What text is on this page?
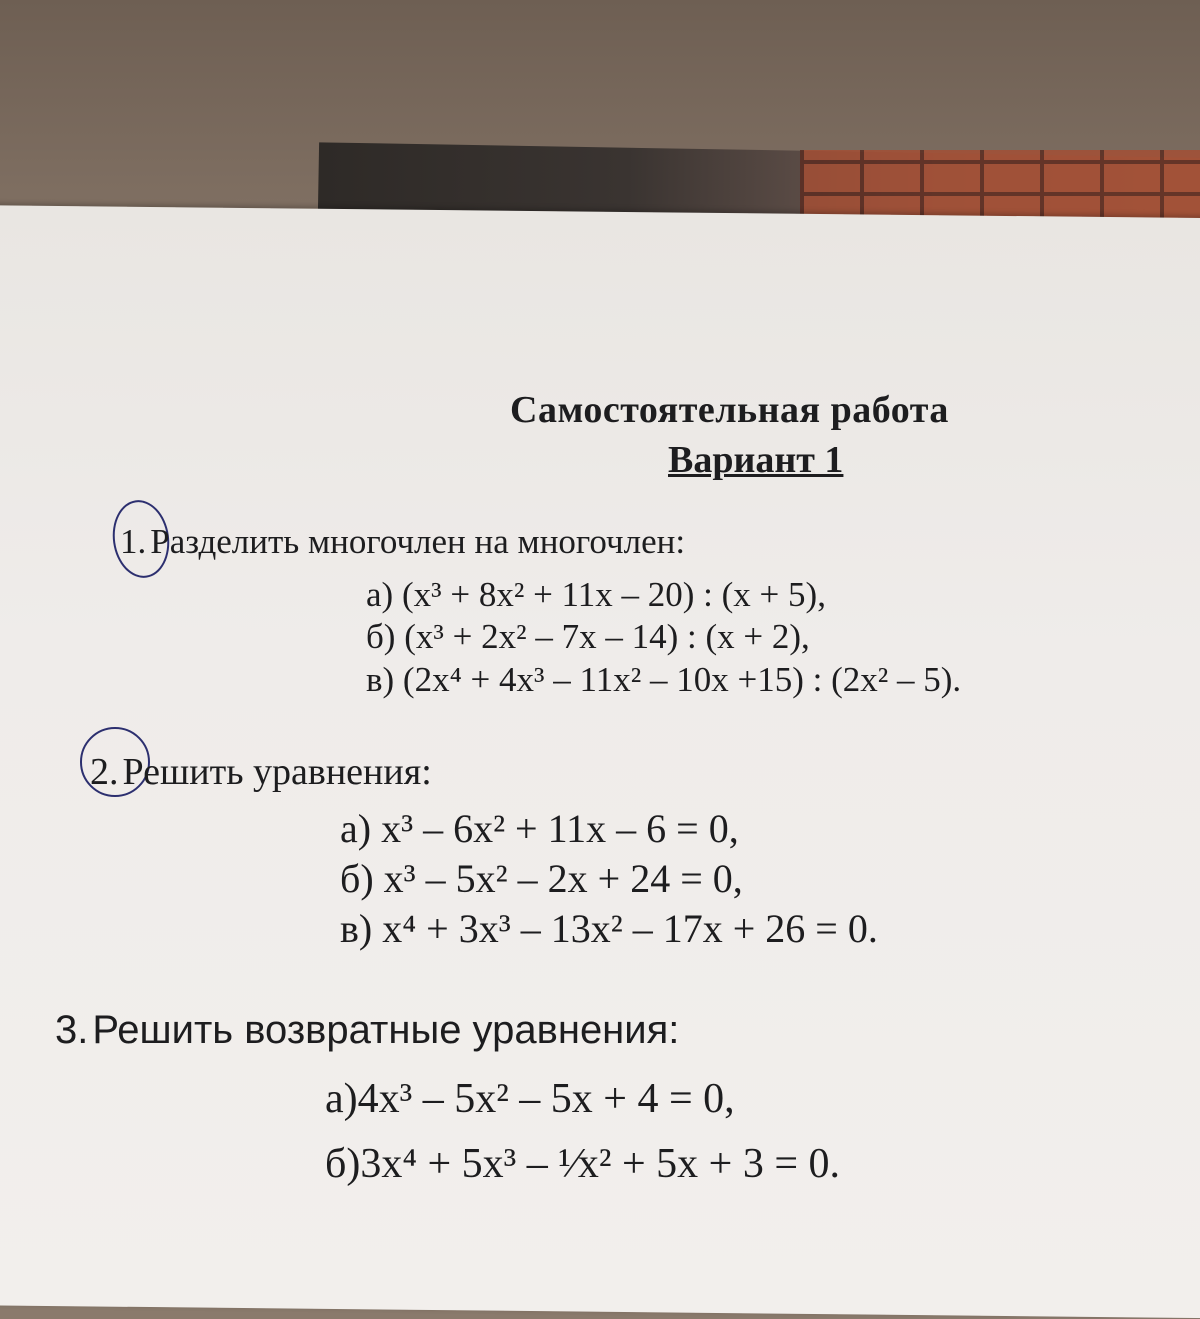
Самостоятельная работа
Вариант 1
1. Разделить многочлен на многочлен:
а) (x³ + 8x² + 11x – 20) : (x + 5),
б) (x³ + 2x² – 7x – 14) : (x + 2),
в) (2x⁴ + 4x³ – 11x² – 10x +15) : (2x² – 5).
2. Решить уравнения:
а) x³ – 6x² + 11x – 6 = 0,
б) x³ – 5x² – 2x + 24 = 0,
в) x⁴ + 3x³ – 13x² – 17x + 26 = 0.
3. Решить возвратные уравнения:
а)4x³ – 5x² – 5x + 4 = 0,
б)3x⁴ + 5x³ – ¹⁄x² + 5x + 3 = 0.
